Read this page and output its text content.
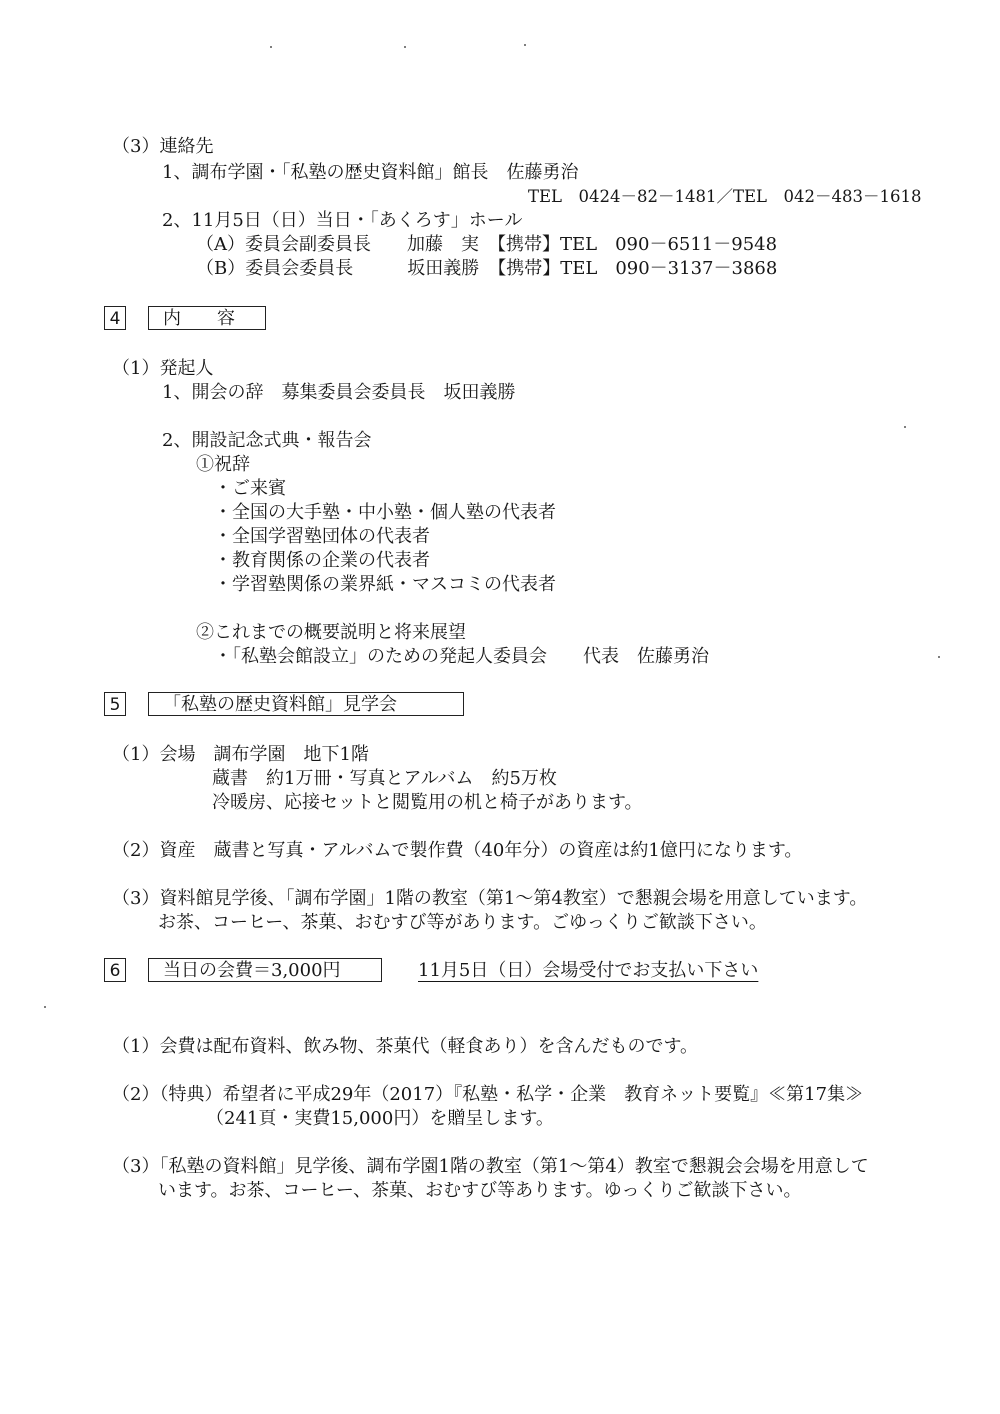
（3）連絡先
1、調布学園・「私塾の歴史資料館」館長　佐藤勇治
TEL　0424－82－1481／TEL　042－483－1618
2、11月5日（日）当日・「あくろす」ホール
（A）委員会副委員長　　加藤　実　【携帯】TEL　090－6511－9548
（B）委員会委員長　　　坂田義勝　【携帯】TEL　090－3137－3868
4	内　　容
（1）発起人
1、開会の辞　募集委員会委員長　坂田義勝
2、開設記念式典・報告会
①祝辞
・ご来賓
・全国の大手塾・中小塾・個人塾の代表者
・全国学習塾団体の代表者
・教育関係の企業の代表者
・学習塾関係の業界紙・マスコミの代表者
②これまでの概要説明と将来展望
・「私塾会館設立」のための発起人委員会　　代表　佐藤勇治
5	「私塾の歴史資料館」見学会
（1）会場　調布学園　地下1階
蔵書　約1万冊・写真とアルバム　約5万枚
冷暖房、応接セットと閲覧用の机と椅子があります。
（2）資産　蔵書と写真・アルバムで製作費（40年分）の資産は約1億円になります。
（3）資料館見学後、「調布学園」1階の教室（第1～第4教室）で懇親会場を用意しています。
お茶、コーヒー、茶菓、おむすび等があります。ごゆっくりご歓談下さい。
6	当日の会費＝3,000円	11月5日（日）会場受付でお支払い下さい
（1）会費は配布資料、飲み物、茶菓代（軽食あり）を含んだものです。
（2）（特典）希望者に平成29年（2017）『私塾・私学・企業　教育ネット要覧』≪第17集≫
（241頁・実費15,000円）を贈呈します。
（3）「私塾の資料館」見学後、調布学園1階の教室（第1～第4）教室で懇親会会場を用意して
います。お茶、コーヒー、茶菓、おむすび等あります。ゆっくりご歓談下さい。
